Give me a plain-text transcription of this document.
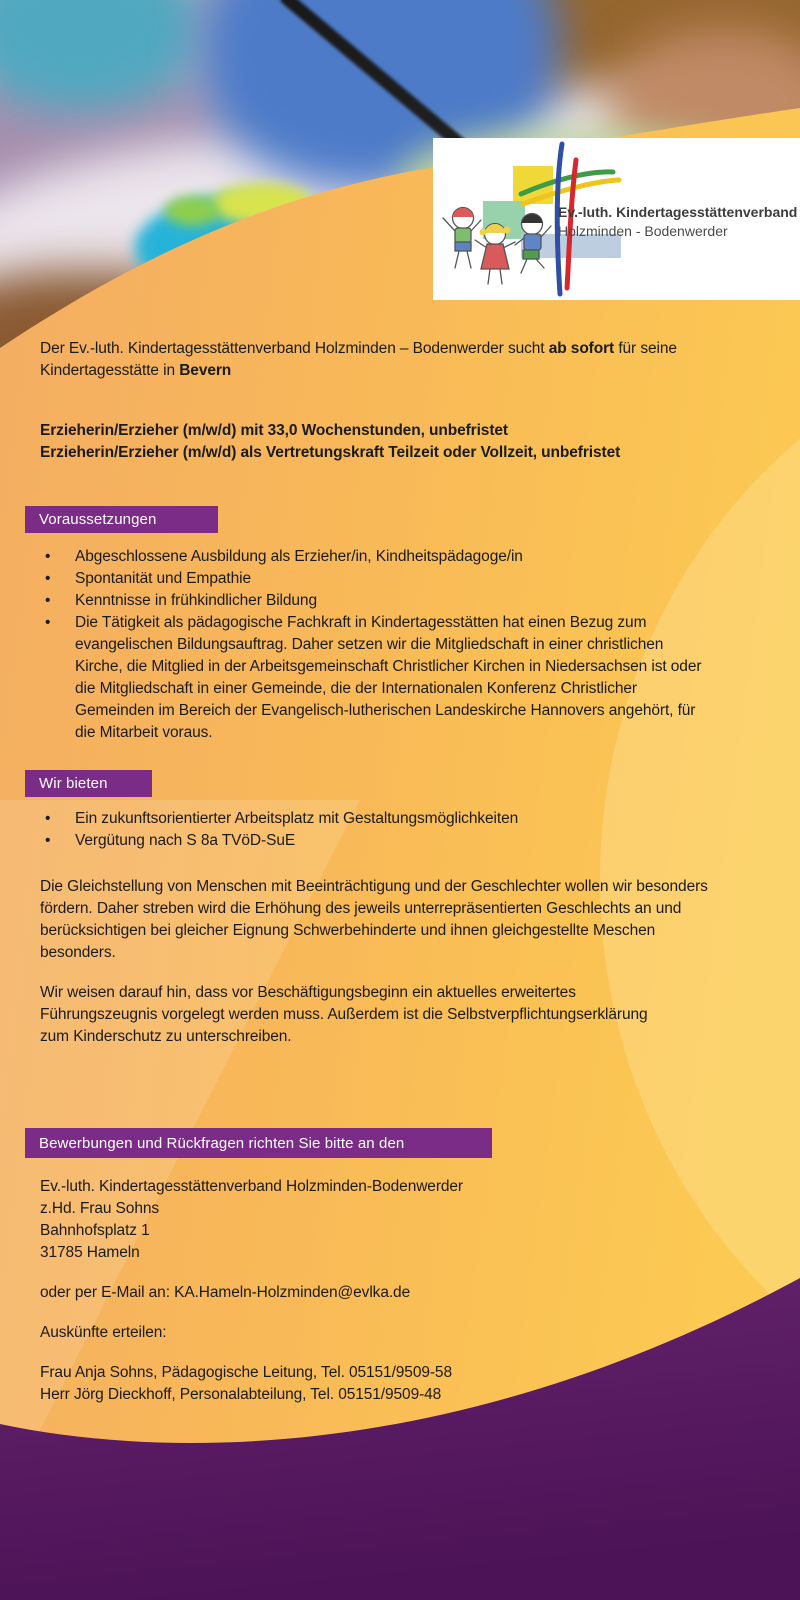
Ev.-luth. Kindertagesstättenverband
Holzminden - Bodenwerder
Der Ev.-luth. Kindertagesstättenverband Holzminden – Bodenwerder sucht ab sofort für seine Kindertagesstätte in Bevern
Erzieherin/Erzieher (m/w/d) mit 33,0 Wochenstunden, unbefristet
Erzieherin/Erzieher (m/w/d) als Vertretungskraft Teilzeit oder Vollzeit, unbefristet
Voraussetzungen
• Abgeschlossene Ausbildung als Erzieher/in, Kindheitspädagoge/in
• Spontanität und Empathie
• Kenntnisse in frühkindlicher Bildung
• Die Tätigkeit als pädagogische Fachkraft in Kindertagesstätten hat einen Bezug zum evangelischen Bildungsauftrag. Daher setzen wir die Mitgliedschaft in einer christlichen Kirche, die Mitglied in der Arbeitsgemeinschaft Christlicher Kirchen in Niedersachsen ist oder die Mitgliedschaft in einer Gemeinde, die der Internationalen Konferenz Christlicher Gemeinden im Bereich der Evangelisch-lutherischen Landeskirche Hannovers angehört, für die Mitarbeit voraus.
Wir bieten
• Ein zukunftsorientierter Arbeitsplatz mit Gestaltungsmöglichkeiten
• Vergütung nach S 8a TVöD-SuE
Die Gleichstellung von Menschen mit Beeinträchtigung und der Geschlechter wollen wir besonders fördern. Daher streben wird die Erhöhung des jeweils unterrepräsentierten Geschlechts an und berücksichtigen bei gleicher Eignung Schwerbehinderte und ihnen gleichgestellte Meschen besonders.
Wir weisen darauf hin, dass vor Beschäftigungsbeginn ein aktuelles erweitertes Führungszeugnis vorgelegt werden muss. Außerdem ist die Selbstverpflichtungserklärung zum Kinderschutz zu unterschreiben.
Bewerbungen und Rückfragen richten Sie bitte an den
Ev.-luth. Kindertagesstättenverband Holzminden-Bodenwerder
z.Hd. Frau Sohns
Bahnhofsplatz 1
31785 Hameln
oder per E-Mail an: KA.Hameln-Holzminden@evlka.de
Auskünfte erteilen:
Frau Anja Sohns, Pädagogische Leitung, Tel. 05151/9509-58
Herr Jörg Dieckhoff, Personalabteilung, Tel. 05151/9509-48
